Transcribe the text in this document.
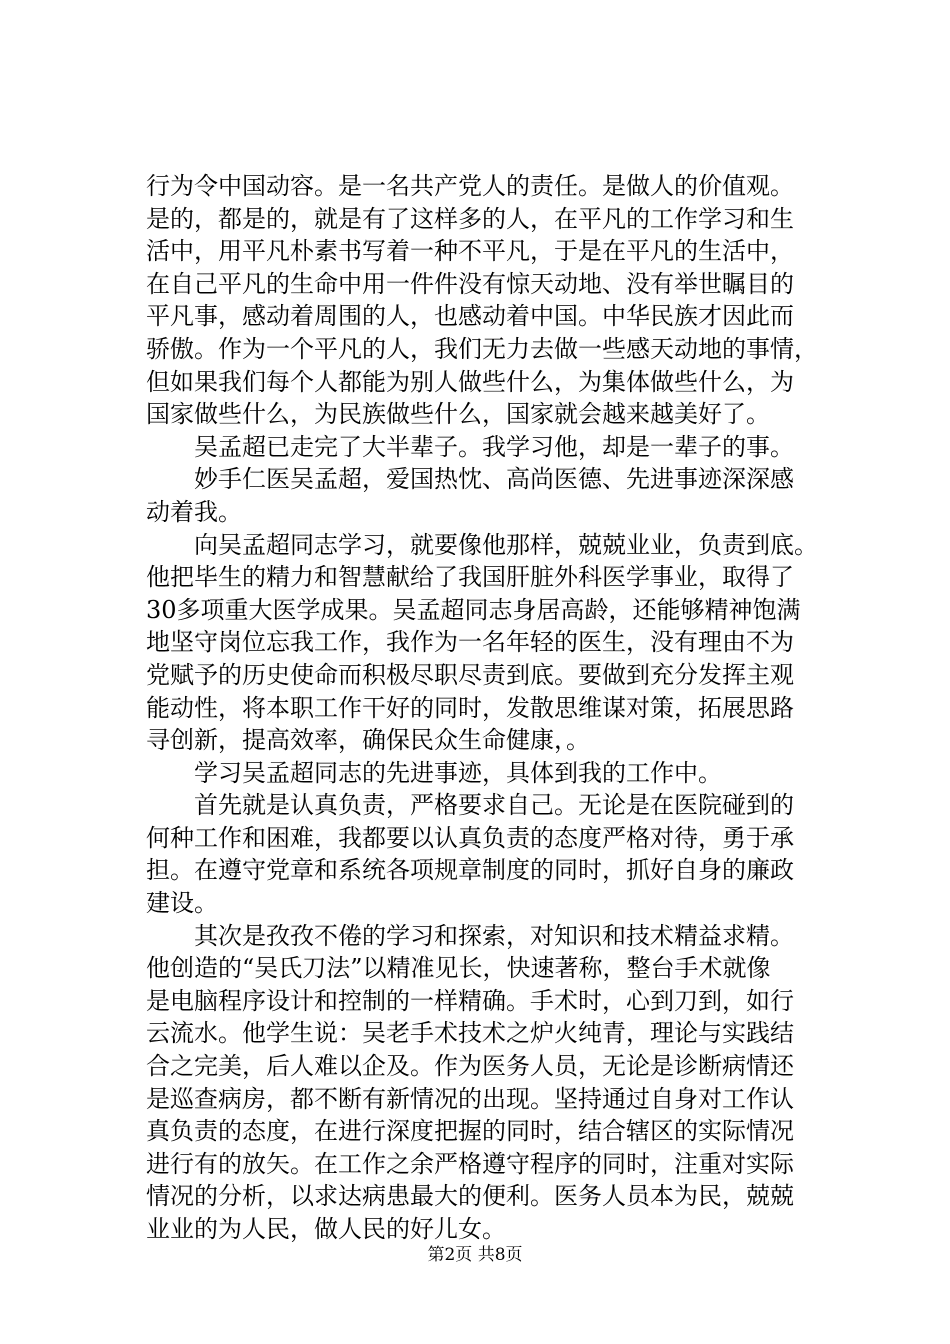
行为令中国动容。是一名共产党人的责任。是做人的价值观。
是的，都是的，就是有了这样多的人，在平凡的工作学习和生
活中，用平凡朴素书写着一种不平凡，于是在平凡的生活中，
在自己平凡的生命中用一件件没有惊天动地、没有举世瞩目的
平凡事，感动着周围的人，也感动着中国。中华民族才因此而
骄傲。作为一个平凡的人，我们无力去做一些感天动地的事情，
但如果我们每个人都能为别人做些什么，为集体做些什么，为
国家做些什么，为民族做些什么，国家就会越来越美好了。
　　吴孟超已走完了大半辈子。我学习他，却是一辈子的事。
　　妙手仁医吴孟超，爱国热忱、高尚医德、先进事迹深深感
动着我。
　　向吴孟超同志学习，就要像他那样，兢兢业业，负责到底。
他把毕生的精力和智慧献给了我国肝脏外科医学事业，取得了
30多项重大医学成果。吴孟超同志身居高龄，还能够精神饱满
地坚守岗位忘我工作，我作为一名年轻的医生，没有理由不为
党赋予的历史使命而积极尽职尽责到底。要做到充分发挥主观
能动性，将本职工作干好的同时，发散思维谋对策，拓展思路
寻创新，提高效率，确保民众生命健康，。
　　学习吴孟超同志的先进事迹，具体到我的工作中。
　　首先就是认真负责，严格要求自己。无论是在医院碰到的
何种工作和困难，我都要以认真负责的态度严格对待，勇于承
担。在遵守党章和系统各项规章制度的同时，抓好自身的廉政
建设。
　　其次是孜孜不倦的学习和探索，对知识和技术精益求精。
他创造的“吴氏刀法”以精准见长，快速著称，整台手术就像
是电脑程序设计和控制的一样精确。手术时，心到刀到，如行
云流水。他学生说：吴老手术技术之炉火纯青，理论与实践结
合之完美，后人难以企及。作为医务人员，无论是诊断病情还
是巡查病房，都不断有新情况的出现。坚持通过自身对工作认
真负责的态度，在进行深度把握的同时，结合辖区的实际情况
进行有的放矢。在工作之余严格遵守程序的同时，注重对实际
情况的分析，以求达病患最大的便利。医务人员本为民，兢兢
业业的为人民，做人民的好儿女。
第2页 共8页
